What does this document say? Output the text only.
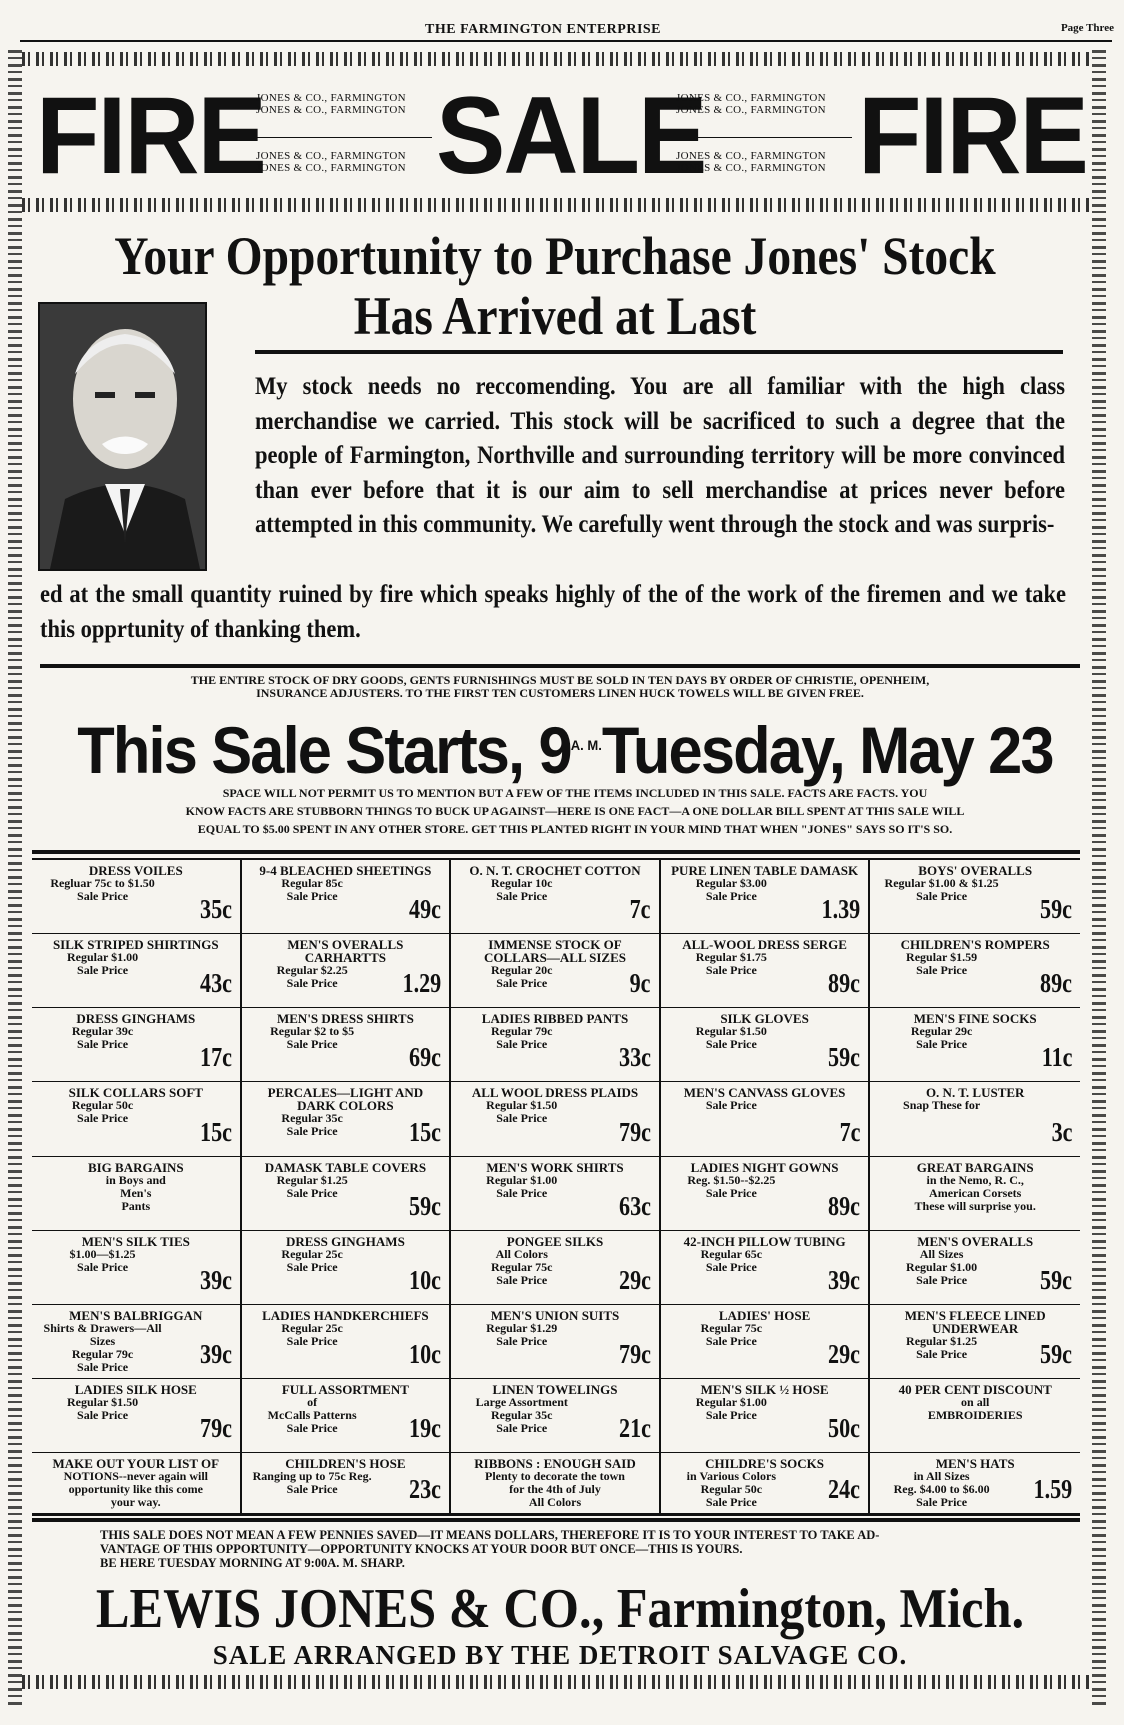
THE FARMINGTON ENTERPRISE	Page Three
FIRE
JONES & CO., FARMINGTON
JONES & CO., FARMINGTON
JONES & CO., FARMINGTON
JONES & CO., FARMINGTON SALE
JONES & CO., FARMINGTON
JONES & CO., FARMINGTON
JONES & CO., FARMINGTON
JONES & CO., FARMINGTON FIRE
Your Opportunity to Purchase Jones' Stock
Has Arrived at Last
My stock needs no reccomending. You are all familiar with the high class merchandise we carried. This stock will be sacrificed to such a degree that the people of Farmington, Northville and surrounding territory will be more convinced than ever before that it is our aim to sell merchandise at prices never before attempted in this community. We carefully went through the stock and was surpris-
ed at the small quantity ruined by fire which speaks highly of the of the work of the firemen and we take this opprtunity of thanking them.
THE ENTIRE STOCK OF DRY GOODS, GENTS FURNISHINGS MUST BE SOLD IN TEN DAYS BY ORDER OF CHRISTIE, OPENHEIM,
INSURANCE ADJUSTERS. TO THE FIRST TEN CUSTOMERS LINEN HUCK TOWELS WILL BE GIVEN FREE.
This Sale Starts, $9^{A. M.}Tuesday$, May 23
SPACE WILL NOT PERMIT US TO MENTION BUT A FEW OF THE ITEMS INCLUDED IN THIS SALE. FACTS ARE FACTS. YOU
KNOW FACTS ARE STUBBORN THINGS TO BUCK UP AGAINST—HERE IS ONE FACT—A ONE DOLLAR BILL SPENT AT THIS SALE WILL
EQUAL TO $5.00 SPENT IN ANY OTHER STORE. GET THIS PLANTED RIGHT IN YOUR MIND THAT WHEN "JONES" SAYS SO IT'S SO.
DRESS VOILES
Regluar 75c to $1.50
Sale Price	35c
9-4 BLEACHED SHEETINGS
Regular 85c
Sale Price	49c
O. N. T. CROCHET COTTON
Regular 10c
Sale Price	7c
PURE LINEN TABLE DAMASK
Regular $3.00
Sale Price	1.39
BOYS' OVERALLS
Regular $1.00 & $1.25
Sale Price	59c
SILK STRIPED SHIRTINGS
Regular $1.00
Sale Price	43c
MEN'S OVERALLS CARHARTTS
Regular $2.25
Sale Price	1.29
IMMENSE STOCK OF COLLARS—ALL SIZES
Regular 20c
Sale Price	9c
ALL-WOOL DRESS SERGE
Regular $1.75
Sale Price	89c
CHILDREN'S ROMPERS
Regular $1.59
Sale Price	89c
DRESS GINGHAMS
Regular 39c
Sale Price	17c
MEN'S DRESS SHIRTS
Regular $2 to $5
Sale Price	69c
LADIES RIBBED PANTS
Regular 79c
Sale Price	33c
SILK GLOVES
Regular $1.50
Sale Price	59c
MEN'S FINE SOCKS
Regular 29c
Sale Price	11c
SILK COLLARS SOFT
Regular 50c
Sale Price	15c
PERCALES—LIGHT AND DARK COLORS
Regular 35c
Sale Price	15c
ALL WOOL DRESS PLAIDS
Regular $1.50
Sale Price	79c
MEN'S CANVASS GLOVES
Sale Price
7c
O. N. T. LUSTER
Snap These for
3c
BIG BARGAINS
in Boys and
Men's
Pants
DAMASK TABLE COVERS
Regular $1.25
Sale Price	59c
MEN'S WORK SHIRTS
Regular $1.00
Sale Price	63c
LADIES NIGHT GOWNS
Reg. $1.50--$2.25
Sale Price	89c
GREAT BARGAINS
in the Nemo, R. C.,
American Corsets
These will surprise you.
MEN'S SILK TIES
$1.00—$1.25
Sale Price	39c
DRESS GINGHAMS
Regular 25c
Sale Price	10c
PONGEE SILKS
All Colors
Regular 75c
Sale Price	29c
42-INCH PILLOW TUBING
Regular 65c
Sale Price	39c
MEN'S OVERALLS
All Sizes
Regular $1.00
Sale Price	59c
MEN'S BALBRIGGAN
Shirts & Drawers—All Sizes
Regular 79c
Sale Price	39c
LADIES HANDKERCHIEFS
Regular 25c
Sale Price	10c
MEN'S UNION SUITS
Regular $1.29
Sale Price	79c
LADIES' HOSE
Regular 75c
Sale Price	29c
MEN'S FLEECE LINED UNDERWEAR
Regular $1.25
Sale Price	59c
LADIES SILK HOSE
Regular $1.50
Sale Price	79c
FULL ASSORTMENT
of
McCalls Patterns
Sale Price	19c
LINEN TOWELINGS
Large Assortment
Regular 35c
Sale Price	21c
MEN'S SILK ½ HOSE
Regular $1.00
Sale Price	50c
40 PER CENT DISCOUNT
on all
EMBROIDERIES
MAKE OUT YOUR LIST OF
NOTIONS--never again will
opportunity like this come
your way.
CHILDREN'S HOSE
Ranging up to 75c Reg.
Sale Price	23c
RIBBONS : ENOUGH SAID
Plenty to decorate the town
for the 4th of July
All Colors
CHILDRE'S SOCKS
in Various Colors
Regular 50c
Sale Price	24c
MEN'S HATS
in All Sizes
Reg. $4.00 to $6.00
Sale Price	1.59
THIS SALE DOES NOT MEAN A FEW PENNIES SAVED—IT MEANS DOLLARS, THEREFORE IT IS TO YOUR INTEREST TO TAKE AD-
VANTAGE OF THIS OPPORTUNITY—OPPORTUNITY KNOCKS AT YOUR DOOR BUT ONCE—THIS IS YOURS.
BE HERE TUESDAY MORNING AT 9:00A. M. SHARP.
LEWIS JONES & CO., Farmington, Mich.
SALE ARRANGED BY THE DETROIT SALVAGE CO.
